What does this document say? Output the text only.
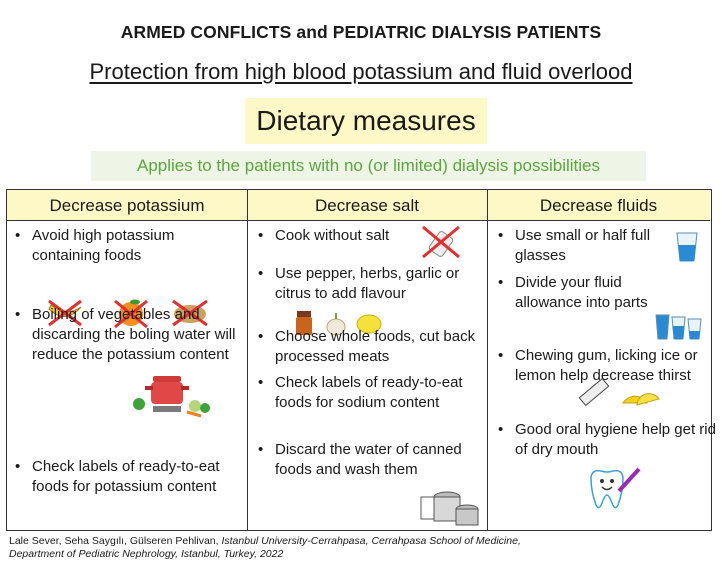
ARMED CONFLICTS and PEDIATRIC DIALYSIS PATIENTS
Protection from high blood potassium and fluid overlood
Dietary measures
Applies to the patients with no (or limited) dialysis possibilities
Decrease potassium	Decrease salt	Decrease fluids
• Avoid high potassium containing foods
• Boiling of vegetables and discarding the boling water will reduce the potassium content
• Check labels of ready-to-eat foods for potassium content
• Cook without salt
• Use pepper, herbs, garlic or citrus to add flavour
• Choose whole foods, cut back processed meats
• Check labels of ready-to-eat foods for sodium content
• Discard the water of canned foods and wash them
• Use small or half full glasses
• Divide your fluid allowance into parts
• Chewing gum, licking ice or lemon help decrease thirst
• Good oral hygiene help get rid of dry mouth
Lale Sever, Seha Saygılı, Gülseren Pehlivan, Istanbul University-Cerrahpasa, Cerrahpasa School of Medicine,
Department of Pediatric Nephrology, Istanbul, Turkey, 2022
